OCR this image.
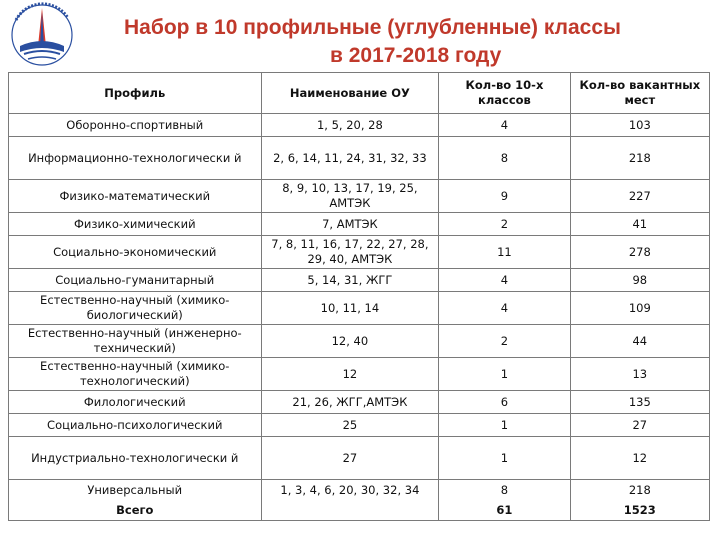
Набор в 10 профильные (углубленные) классы
в 2017-2018 году
Профиль	Наименование ОУ	Кол-во 10-х классов	Кол-во вакантных мест
Оборонно-спортивный	1, 5, 20, 28	4	103
Информационно-технологически й	2, 6, 14, 11, 24, 31, 32, 33	8	218
Физико-математический	8, 9, 10, 13, 17, 19, 25, АМТЭК	9	227
Физико-химический	7, АМТЭК	2	41
Социально-экономический	7, 8, 11, 16, 17, 22, 27, 28, 29, 40, АМТЭК	11	278
Социально-гуманитарный	5, 14, 31, ЖГГ	4	98
Естественно-научный (химико-биологический)	10, 11, 14	4	109
Естественно-научный (инженерно-технический)	12, 40	2	44
Естественно-научный (химико-технологический)	12	1	13
Филологический	21, 26, ЖГГ,АМТЭК	6	135
Социально-психологический	25	1	27
Индустриально-технологически й	27	1	12
Универсальный	1, 3, 4, 6, 20, 30, 32, 34	8	218
Всего		61	1523
